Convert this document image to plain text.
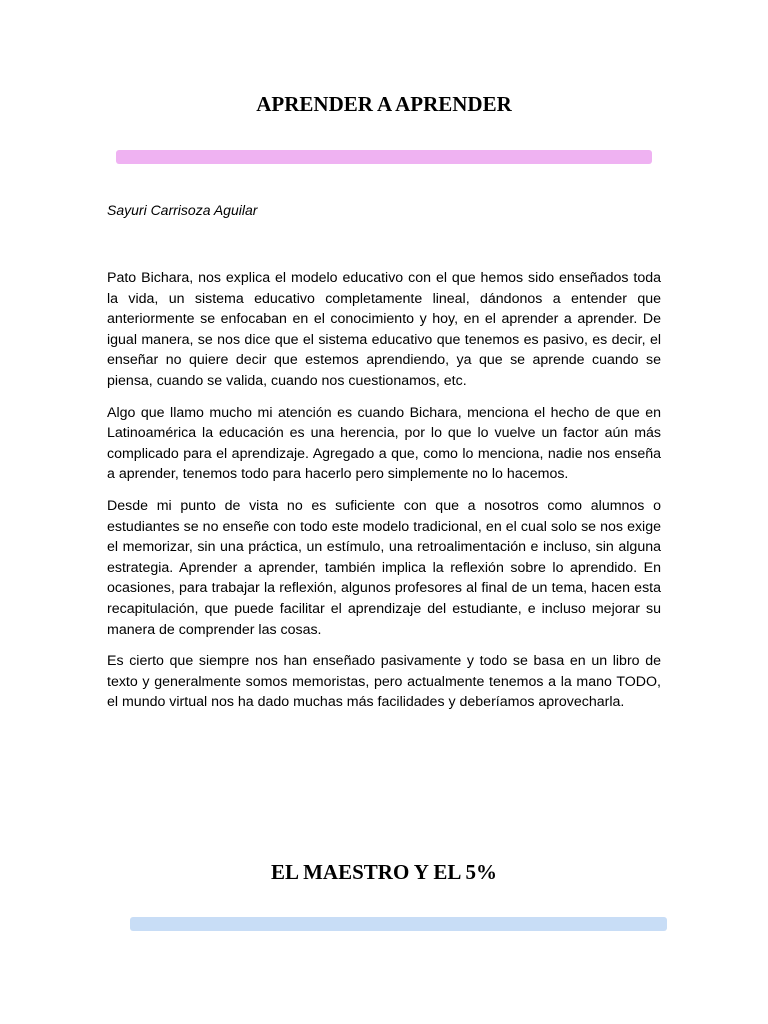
APRENDER A APRENDER

Sayuri Carrisoza Aguilar

Pato Bichara, nos explica el modelo educativo con el que hemos sido enseñados toda la vida, un sistema educativo completamente lineal, dándonos a entender que anteriormente se enfocaban en el conocimiento y hoy, en el aprender a aprender. De igual manera, se nos dice que el sistema educativo que tenemos es pasivo, es decir, el enseñar no quiere decir que estemos aprendiendo, ya que se aprende cuando se piensa, cuando se valida, cuando nos cuestionamos, etc.

Algo que llamo mucho mi atención es cuando Bichara, menciona el hecho de que en Latinoamérica la educación es una herencia, por lo que lo vuelve un factor aún más complicado para el aprendizaje. Agregado a que, como lo menciona, nadie nos enseña a aprender, tenemos todo para hacerlo pero simplemente no lo hacemos.

Desde mi punto de vista no es suficiente con que a nosotros como alumnos o estudiantes se no enseñe con todo este modelo tradicional, en el cual solo se nos exige el memorizar, sin una práctica, un estímulo, una retroalimentación e incluso, sin alguna estrategia. Aprender a aprender, también implica la reflexión sobre lo aprendido. En ocasiones, para trabajar la reflexión, algunos profesores al final de un tema, hacen esta recapitulación, que puede facilitar el aprendizaje del estudiante, e incluso mejorar su manera de comprender las cosas.

Es cierto que siempre nos han enseñado pasivamente y todo se basa en un libro de texto y generalmente somos memoristas, pero actualmente tenemos a la mano TODO, el mundo virtual nos ha dado muchas más facilidades y deberíamos aprovecharla.

EL MAESTRO Y EL 5%
